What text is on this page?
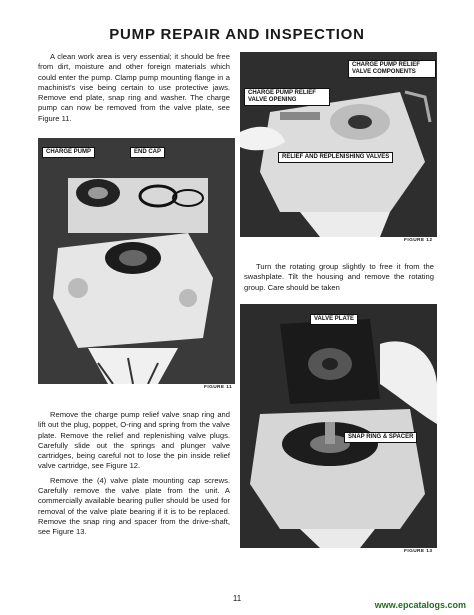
PUMP REPAIR AND INSPECTION

A clean work area is very essential; it should be free from dirt, moisture and other foreign materials which could enter the pump. Clamp pump mounting flange in a machinist's vise being certain to use protective jaws. Remove end plate, snap ring and washer. The charge pump can now be removed from the valve plate, see Figure 11.

CHARGE PUMP	END CAP
FIGURE 11

Remove the charge pump relief valve snap ring and lift out the plug, poppet, O-ring and spring from the valve plate. Remove the relief and replenishing valve plugs. Carefully slide out the springs and plunger valve cartridges, being careful not to lose the pin inside relief valve cartridge, see Figure 12.

Remove the (4) valve plate mounting cap screws. Carefully remove the valve plate from the unit. A commercially available bearing puller should be used for removal of the valve plate bearing if it is to be replaced. Remove the snap ring and spacer from the drive-shaft, see Figure 13.

CHARGE PUMP RELIEF VALVE COMPONENTS
CHARGE PUMP RELIEF VALVE OPENING
RELIEF AND REPLENISHING VALVES
FIGURE 12

Turn the rotating group slightly to free it from the swashplate. Tilt the housing and remove the rotating group. Care should be taken

VALVE PLATE
SNAP RING & SPACER
FIGURE 13
11
www.epcatalogs.com
